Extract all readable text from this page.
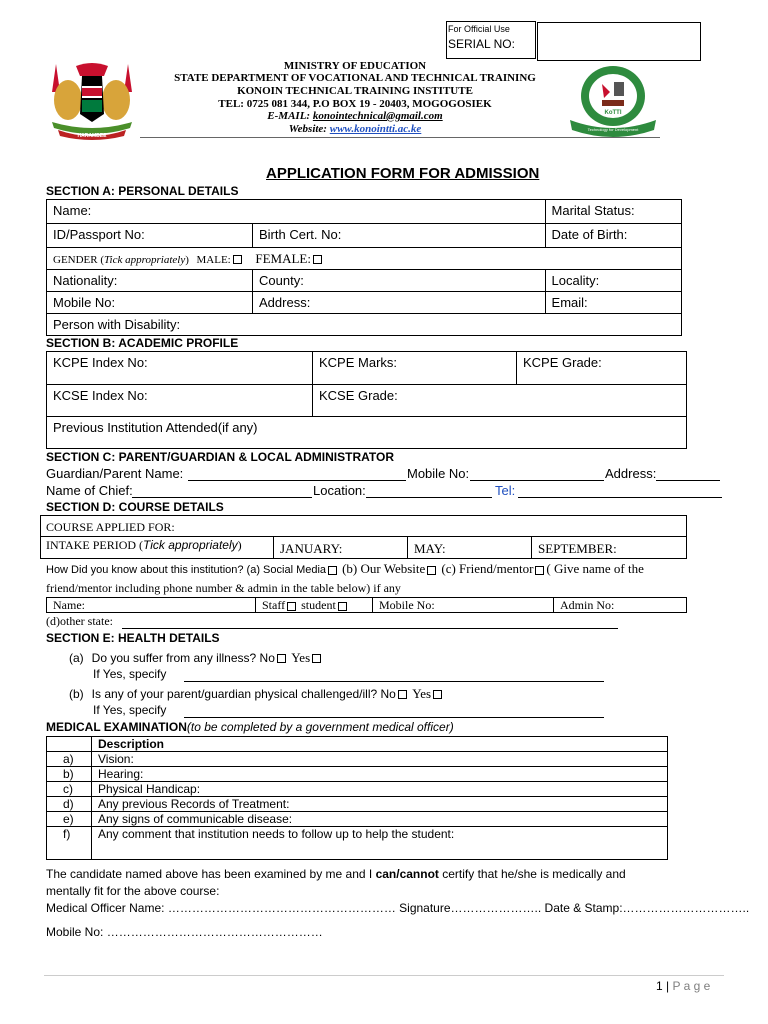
For Official Use
SERIAL NO:
HARAMBEE
MINISTRY OF EDUCATION
STATE DEPARTMENT OF VOCATIONAL AND TECHNICAL TRAINING
KONOIN TECHNICAL TRAINING INSTITUTE
TEL: 0725 081 344, P.O BOX 19 - 20403, MOGOGOSIEK
E-MAIL: konointechnical@gmail.com
Website: www.konointti.ac.ke
KoTTI
Technology for Development
APPLICATION FORM FOR ADMISSION
SECTION A: PERSONAL DETAILS
Name:		Marital Status:
ID/Passport No:	Birth Cert. No:	Date of Birth:
GENDER (Tick appropriately) MALE: FEMALE:		
Nationality:	County:	Locality:
Mobile No:	Address:	Email:
Person with Disability:		
SECTION B: ACADEMIC PROFILE
KCPE Index No:	KCPE Marks:	KCPE Grade:
KCSE Index No:	KCSE Grade:	
Previous Institution Attended(if any)		
SECTION C: PARENT/GUARDIAN & LOCAL ADMINISTRATOR
Guardian/Parent Name:	Mobile No:	Address:
Name of Chief:	Location:	Tel:
SECTION D: COURSE DETAILS
COURSE APPLIED FOR:
INTAKE PERIOD (Tick appropriately)	JANUARY:	MAY:	SEPTEMBER:
How Did you know about this institution? (a) Social Media (b) Our Website (c) Friend/mentor ( Give name of the
friend/mentor including phone number & admin in the table below) if any
Name:	Staff student	Mobile No:	Admin No:
(d)other state:
SECTION E: HEALTH DETAILS
(a) Do you suffer from any illness? No Yes
If Yes, specify
(b) Is any of your parent/guardian physical challenged/ill? No Yes
If Yes, specify
MEDICAL EXAMINATION(to be completed by a government medical officer)
	Description
a)	Vision:
b)	Hearing:
c)	Physical Handicap:
d)	Any previous Records of Treatment:
e)	Any signs of communicable disease:
f)	Any comment that institution needs to follow up to help the student:
The candidate named above has been examined by me and I can/cannot certify that he/she is medically and
mentally fit for the above course:
Medical Officer Name: ………………………………………………… Signature………………….. Date & Stamp:…………………………..
Mobile No: ………………………………………………
1 | P a g e
